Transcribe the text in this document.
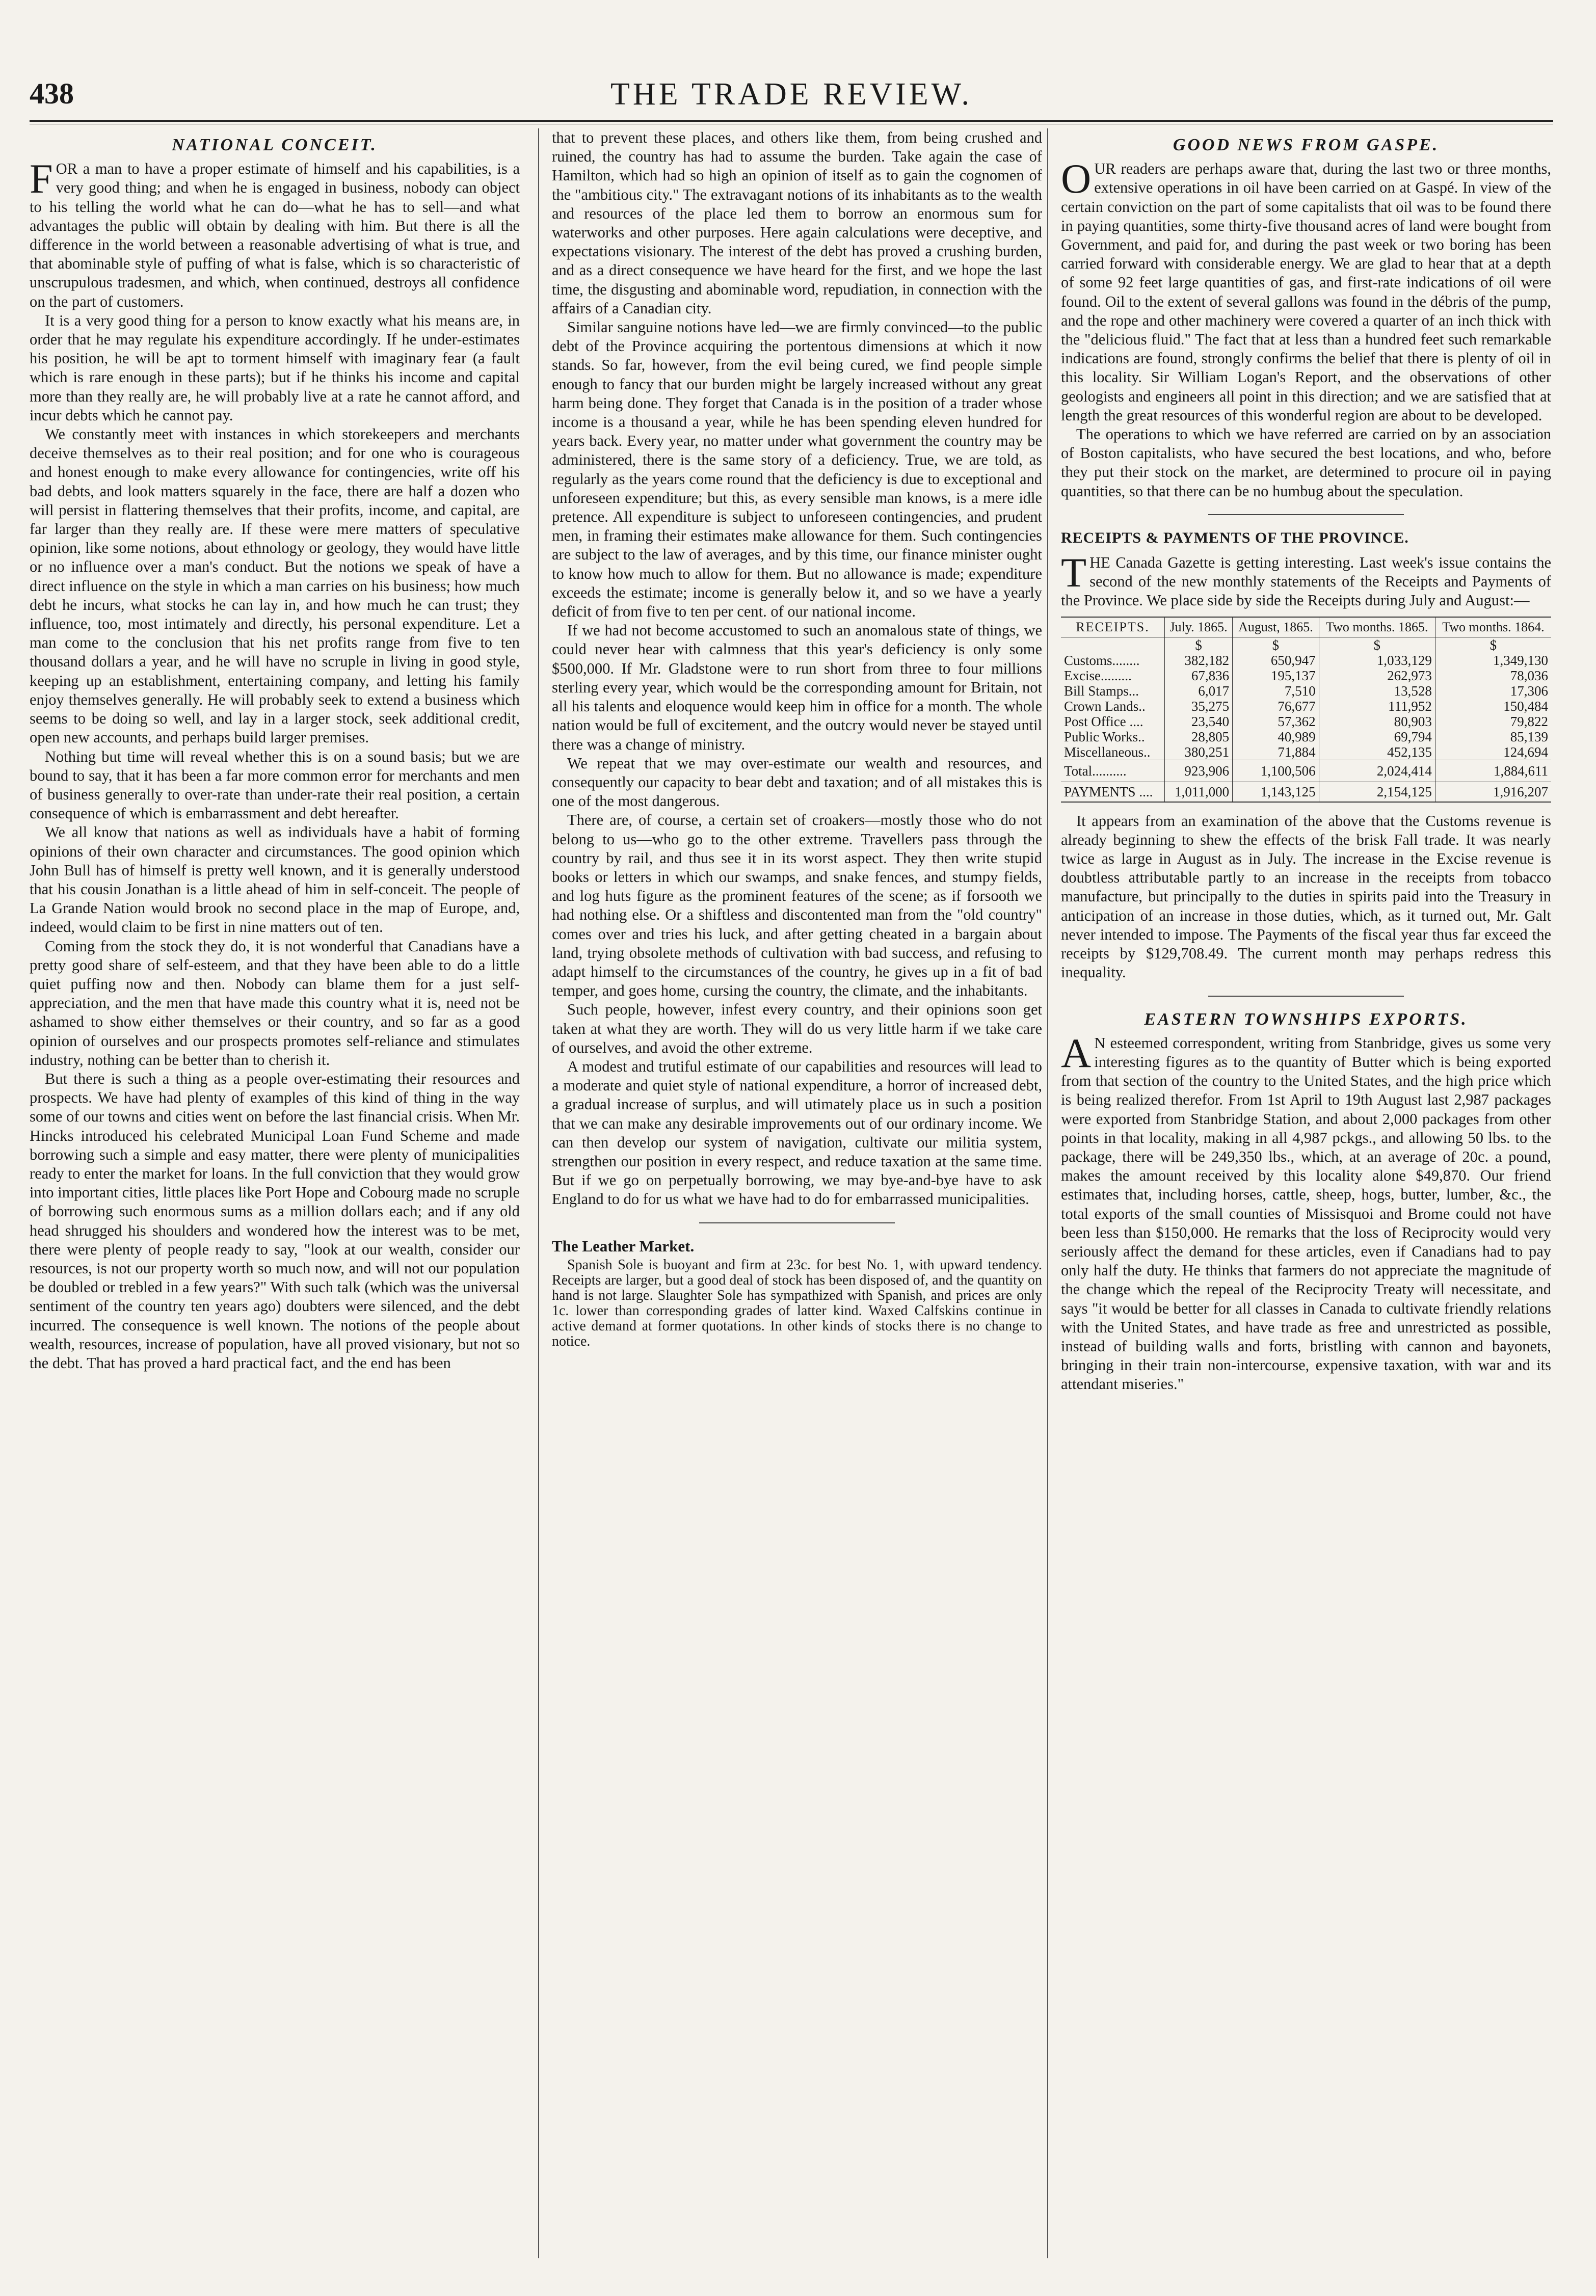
438	THE TRADE REVIEW.
NATIONAL CONCEIT.

FOR a man to have a proper estimate of himself and his capabilities, is a very good thing; and when he is engaged in business, nobody can object to his telling the world what he can do—what he has to sell—and what advantages the public will obtain by dealing with him. But there is all the difference in the world between a reasonable advertising of what is true, and that abominable style of puffing of what is false, which is so characteristic of unscrupulous tradesmen, and which, when continued, destroys all confidence on the part of customers.

It is a very good thing for a person to know exactly what his means are, in order that he may regulate his expenditure accordingly. If he under-estimates his position, he will be apt to torment himself with imaginary fear (a fault which is rare enough in these parts); but if he thinks his income and capital more than they really are, he will probably live at a rate he cannot afford, and incur debts which he cannot pay.

We constantly meet with instances in which storekeepers and merchants deceive themselves as to their real position; and for one who is courageous and honest enough to make every allowance for contingencies, write off his bad debts, and look matters squarely in the face, there are half a dozen who will persist in flattering themselves that their profits, income, and capital, are far larger than they really are. If these were mere matters of speculative opinion, like some notions, about ethnology or geology, they would have little or no influence over a man's conduct. But the notions we speak of have a direct influence on the style in which a man carries on his business; how much debt he incurs, what stocks he can lay in, and how much he can trust; they influence, too, most intimately and directly, his personal expenditure. Let a man come to the conclusion that his net profits range from five to ten thousand dollars a year, and he will have no scruple in living in good style, keeping up an establishment, entertaining company, and letting his family enjoy themselves generally. He will probably seek to extend a business which seems to be doing so well, and lay in a larger stock, seek additional credit, open new accounts, and perhaps build larger premises.

Nothing but time will reveal whether this is on a sound basis; but we are bound to say, that it has been a far more common error for merchants and men of business generally to over-rate than under-rate their real position, a certain consequence of which is embarrassment and debt hereafter.

We all know that nations as well as individuals have a habit of forming opinions of their own character and circumstances. The good opinion which John Bull has of himself is pretty well known, and it is generally understood that his cousin Jonathan is a little ahead of him in self-conceit. The people of La Grande Nation would brook no second place in the map of Europe, and, indeed, would claim to be first in nine matters out of ten.

Coming from the stock they do, it is not wonderful that Canadians have a pretty good share of self-esteem, and that they have been able to do a little quiet puffing now and then. Nobody can blame them for a just self-appreciation, and the men that have made this country what it is, need not be ashamed to show either themselves or their country, and so far as a good opinion of ourselves and our prospects promotes self-reliance and stimulates industry, nothing can be better than to cherish it.

But there is such a thing as a people over-estimating their resources and prospects. We have had plenty of examples of this kind of thing in the way some of our towns and cities went on before the last financial crisis. When Mr. Hincks introduced his celebrated Municipal Loan Fund Scheme and made borrowing such a simple and easy matter, there were plenty of municipalities ready to enter the market for loans. In the full conviction that they would grow into important cities, little places like Port Hope and Cobourg made no scruple of borrowing such enormous sums as a million dollars each; and if any old head shrugged his shoulders and wondered how the interest was to be met, there were plenty of people ready to say, "look at our wealth, consider our resources, is not our property worth so much now, and will not our population be doubled or trebled in a few years?" With such talk (which was the universal sentiment of the country ten years ago) doubters were silenced, and the debt incurred. The consequence is well known. The notions of the people about wealth, resources, increase of population, have all proved visionary, but not so the debt. That has proved a hard practical fact, and the end has been

that to prevent these places, and others like them, from being crushed and ruined, the country has had to assume the burden. Take again the case of Hamilton, which had so high an opinion of itself as to gain the cognomen of the "ambitious city." The extravagant notions of its inhabitants as to the wealth and resources of the place led them to borrow an enormous sum for waterworks and other purposes. Here again calculations were deceptive, and expectations visionary. The interest of the debt has proved a crushing burden, and as a direct consequence we have heard for the first, and we hope the last time, the disgusting and abominable word, repudiation, in connection with the affairs of a Canadian city.

Similar sanguine notions have led—we are firmly convinced—to the public debt of the Province acquiring the portentous dimensions at which it now stands. So far, however, from the evil being cured, we find people simple enough to fancy that our burden might be largely increased without any great harm being done. They forget that Canada is in the position of a trader whose income is a thousand a year, while he has been spending eleven hundred for years back. Every year, no matter under what government the country may be administered, there is the same story of a deficiency. True, we are told, as regularly as the years come round that the deficiency is due to exceptional and unforeseen expenditure; but this, as every sensible man knows, is a mere idle pretence. All expenditure is subject to unforeseen contingencies, and prudent men, in framing their estimates make allowance for them. Such contingencies are subject to the law of averages, and by this time, our finance minister ought to know how much to allow for them. But no allowance is made; expenditure exceeds the estimate; income is generally below it, and so we have a yearly deficit of from five to ten per cent. of our national income.

If we had not become accustomed to such an anomalous state of things, we could never hear with calmness that this year's deficiency is only some $500,000. If Mr. Gladstone were to run short from three to four millions sterling every year, which would be the corresponding amount for Britain, not all his talents and eloquence would keep him in office for a month. The whole nation would be full of excitement, and the outcry would never be stayed until there was a change of ministry.

We repeat that we may over-estimate our wealth and resources, and consequently our capacity to bear debt and taxation; and of all mistakes this is one of the most dangerous.

There are, of course, a certain set of croakers—mostly those who do not belong to us—who go to the other extreme. Travellers pass through the country by rail, and thus see it in its worst aspect. They then write stupid books or letters in which our swamps, and snake fences, and stumpy fields, and log huts figure as the prominent features of the scene; as if forsooth we had nothing else. Or a shiftless and discontented man from the "old country" comes over and tries his luck, and after getting cheated in a bargain about land, trying obsolete methods of cultivation with bad success, and refusing to adapt himself to the circumstances of the country, he gives up in a fit of bad temper, and goes home, cursing the country, the climate, and the inhabitants.

Such people, however, infest every country, and their opinions soon get taken at what they are worth. They will do us very little harm if we take care of ourselves, and avoid the other extreme.

A modest and trutiful estimate of our capabilities and resources will lead to a moderate and quiet style of national expenditure, a horror of increased debt, a gradual increase of surplus, and will utimately place us in such a position that we can make any desirable improvements out of our ordinary income. We can then develop our system of navigation, cultivate our militia system, strengthen our position in every respect, and reduce taxation at the same time. But if we go on perpetually borrowing, we may bye-and-bye have to ask England to do for us what we have had to do for embarrassed municipalities.

The Leather Market.

Spanish Sole is buoyant and firm at 23c. for best No. 1, with upward tendency. Receipts are larger, but a good deal of stock has been disposed of, and the quantity on hand is not large. Slaughter Sole has sympathized with Spanish, and prices are only 1c. lower than corresponding grades of latter kind. Waxed Calfskins continue in active demand at former quotations. In other kinds of stocks there is no change to notice.

GOOD NEWS FROM GASPE.

OUR readers are perhaps aware that, during the last two or three months, extensive operations in oil have been carried on at Gaspé. In view of the certain conviction on the part of some capitalists that oil was to be found there in paying quantities, some thirty-five thousand acres of land were bought from Government, and paid for, and during the past week or two boring has been carried forward with considerable energy. We are glad to hear that at a depth of some 92 feet large quantities of gas, and first-rate indications of oil were found. Oil to the extent of several gallons was found in the débris of the pump, and the rope and other machinery were covered a quarter of an inch thick with the "delicious fluid." The fact that at less than a hundred feet such remarkable indications are found, strongly confirms the belief that there is plenty of oil in this locality. Sir William Logan's Report, and the observations of other geologists and engineers all point in this direction; and we are satisfied that at length the great resources of this wonderful region are about to be developed.

The operations to which we have referred are carried on by an association of Boston capitalists, who have secured the best locations, and who, before they put their stock on the market, are determined to procure oil in paying quantities, so that there can be no humbug about the speculation.

RECEIPTS & PAYMENTS OF THE PROVINCE.

THE Canada Gazette is getting interesting. Last week's issue contains the second of the new monthly statements of the Receipts and Payments of the Province. We place side by side the Receipts during July and August:—

RECEIPTS.	July. 1865.	August, 1865.	Two months. 1865.	Two months. 1864.
	$	$	$	$
Customs........	382,182	650,947	1,033,129	1,349,130
Excise.........	67,836	195,137	262,973	78,036
Bill Stamps...	6,017	7,510	13,528	17,306
Crown Lands..	35,275	76,677	111,952	150,484
Post Office ....	23,540	57,362	80,903	79,822
Public Works..	28,805	40,989	69,794	85,139
Miscellaneous..	380,251	71,884	452,135	124,694
Total..........	923,906	1,100,506	2,024,414	1,884,611
PAYMENTS ....	1,011,000	1,143,125	2,154,125	1,916,207

It appears from an examination of the above that the Customs revenue is already beginning to shew the effects of the brisk Fall trade. It was nearly twice as large in August as in July. The increase in the Excise revenue is doubtless attributable partly to an increase in the receipts from tobacco manufacture, but principally to the duties in spirits paid into the Treasury in anticipation of an increase in those duties, which, as it turned out, Mr. Galt never intended to impose. The Payments of the fiscal year thus far exceed the receipts by $129,708.49. The current month may perhaps redress this inequality.

EASTERN TOWNSHIPS EXPORTS.

A N esteemed correspondent, writing from Stanbridge, gives us some very interesting figures as to the quantity of Butter which is being exported from that section of the country to the United States, and the high price which is being realized therefor. From 1st April to 19th August last 2,987 packages were exported from Stanbridge Station, and about 2,000 packages from other points in that locality, making in all 4,987 pckgs., and allowing 50 lbs. to the package, there will be 249,350 lbs., which, at an average of 20c. a pound, makes the amount received by this locality alone $49,870. Our friend estimates that, including horses, cattle, sheep, hogs, butter, lumber, &c., the total exports of the small counties of Missisquoi and Brome could not have been less than $150,000. He remarks that the loss of Reciprocity would very seriously affect the demand for these articles, even if Canadians had to pay only half the duty. He thinks that farmers do not appreciate the magnitude of the change which the repeal of the Reciprocity Treaty will necessitate, and says "it would be better for all classes in Canada to cultivate friendly relations with the United States, and have trade as free and unrestricted as possible, instead of building walls and forts, bristling with cannon and bayonets, bringing in their train non-intercourse, expensive taxation, with war and its attendant miseries."
